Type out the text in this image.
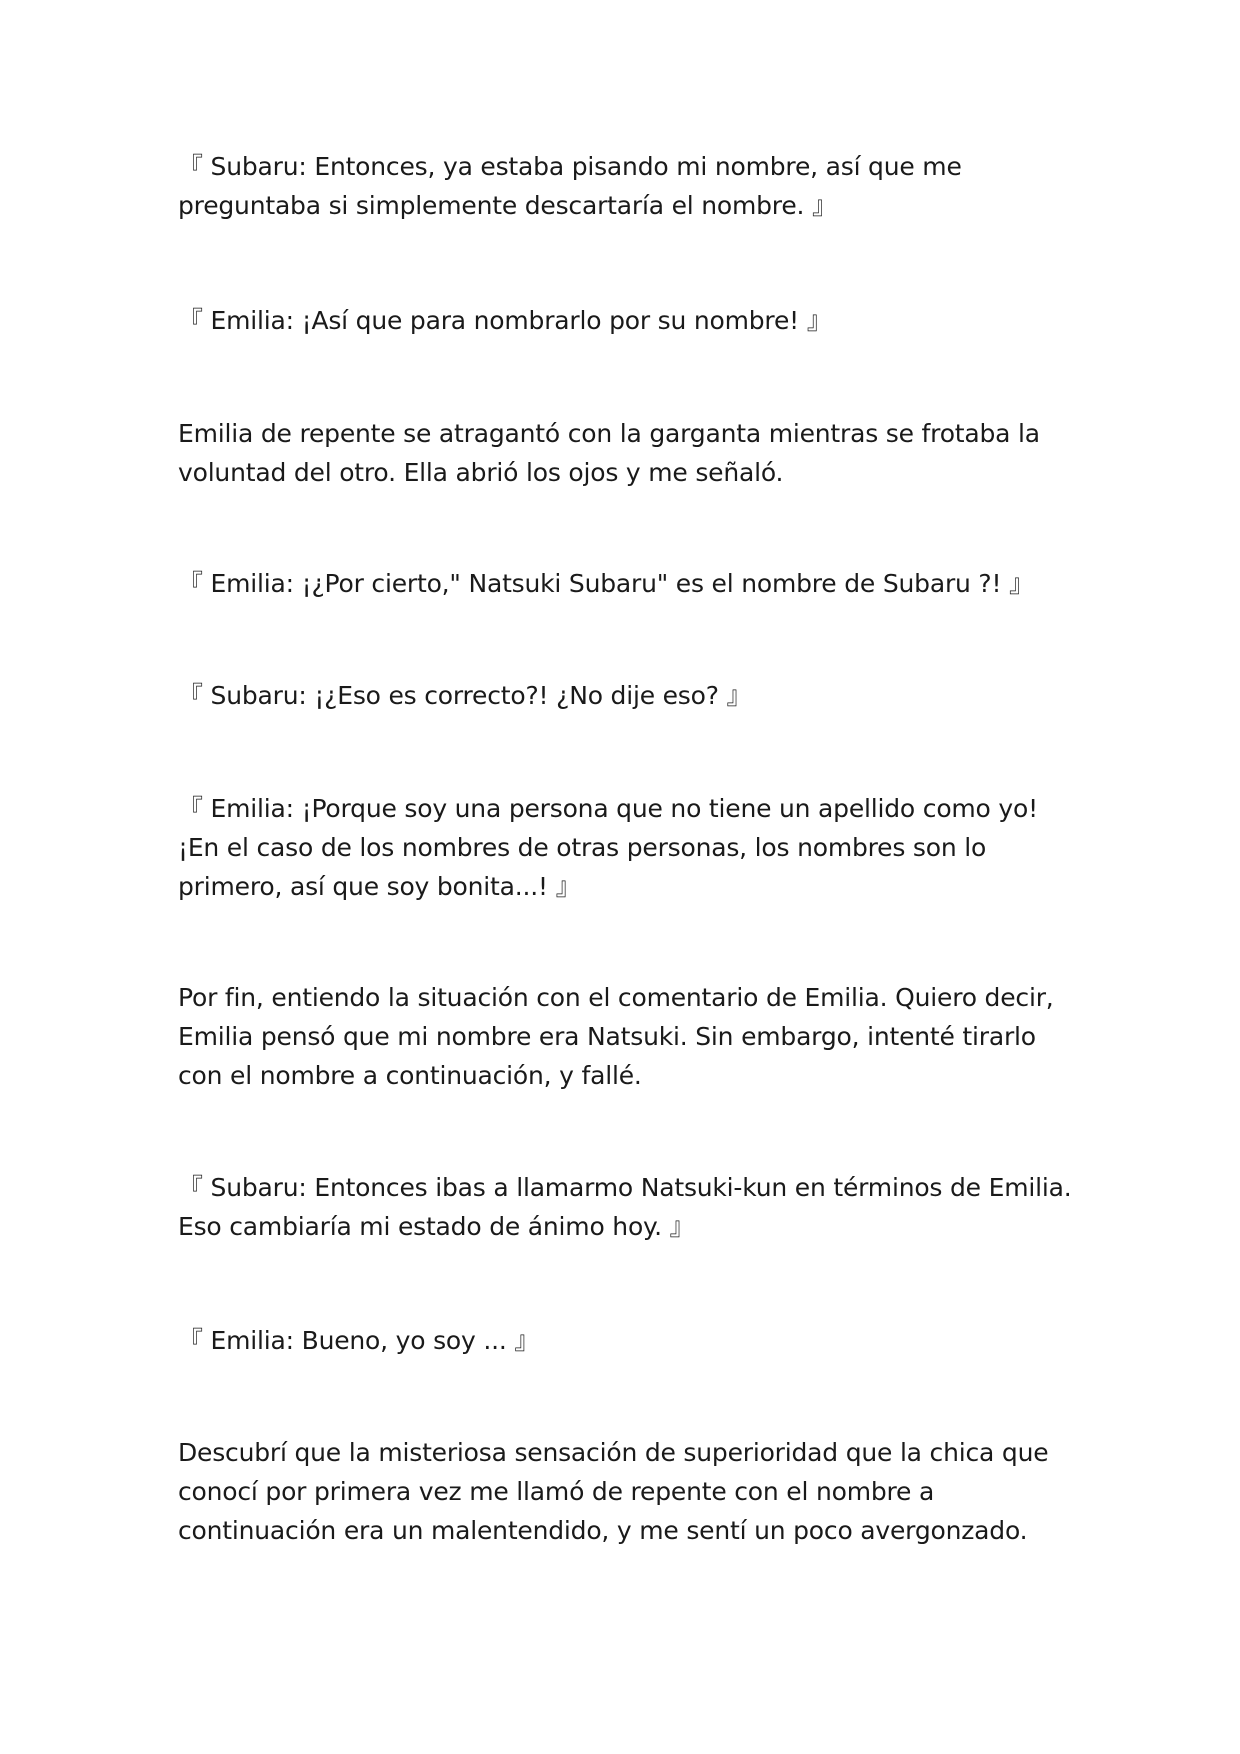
『 Subaru: Entonces, ya estaba pisando mi nombre, así que me preguntaba si simplemente descartaría el nombre. 』

『 Emilia: ¡Así que para nombrarlo por su nombre! 』

Emilia de repente se atragantó con la garganta mientras se frotaba la voluntad del otro. Ella abrió los ojos y me señaló.

『 Emilia: ¡¿Por cierto," Natsuki Subaru" es el nombre de Subaru ?! 』

『 Subaru: ¡¿Eso es correcto?! ¿No dije eso? 』

『 Emilia: ¡Porque soy una persona que no tiene un apellido como yo! ¡En el caso de los nombres de otras personas, los nombres son lo primero, así que soy bonita...! 』

Por fin, entiendo la situación con el comentario de Emilia. Quiero decir, Emilia pensó que mi nombre era Natsuki. Sin embargo, intenté tirarlo con el nombre a continuación, y fallé.

『 Subaru: Entonces ibas a llamarmo Natsuki-kun en términos de Emilia. Eso cambiaría mi estado de ánimo hoy. 』

『 Emilia: Bueno, yo soy ... 』

Descubrí que la misteriosa sensación de superioridad que la chica que conocí por primera vez me llamó de repente con el nombre a continuación era un malentendido, y me sentí un poco avergonzado.
